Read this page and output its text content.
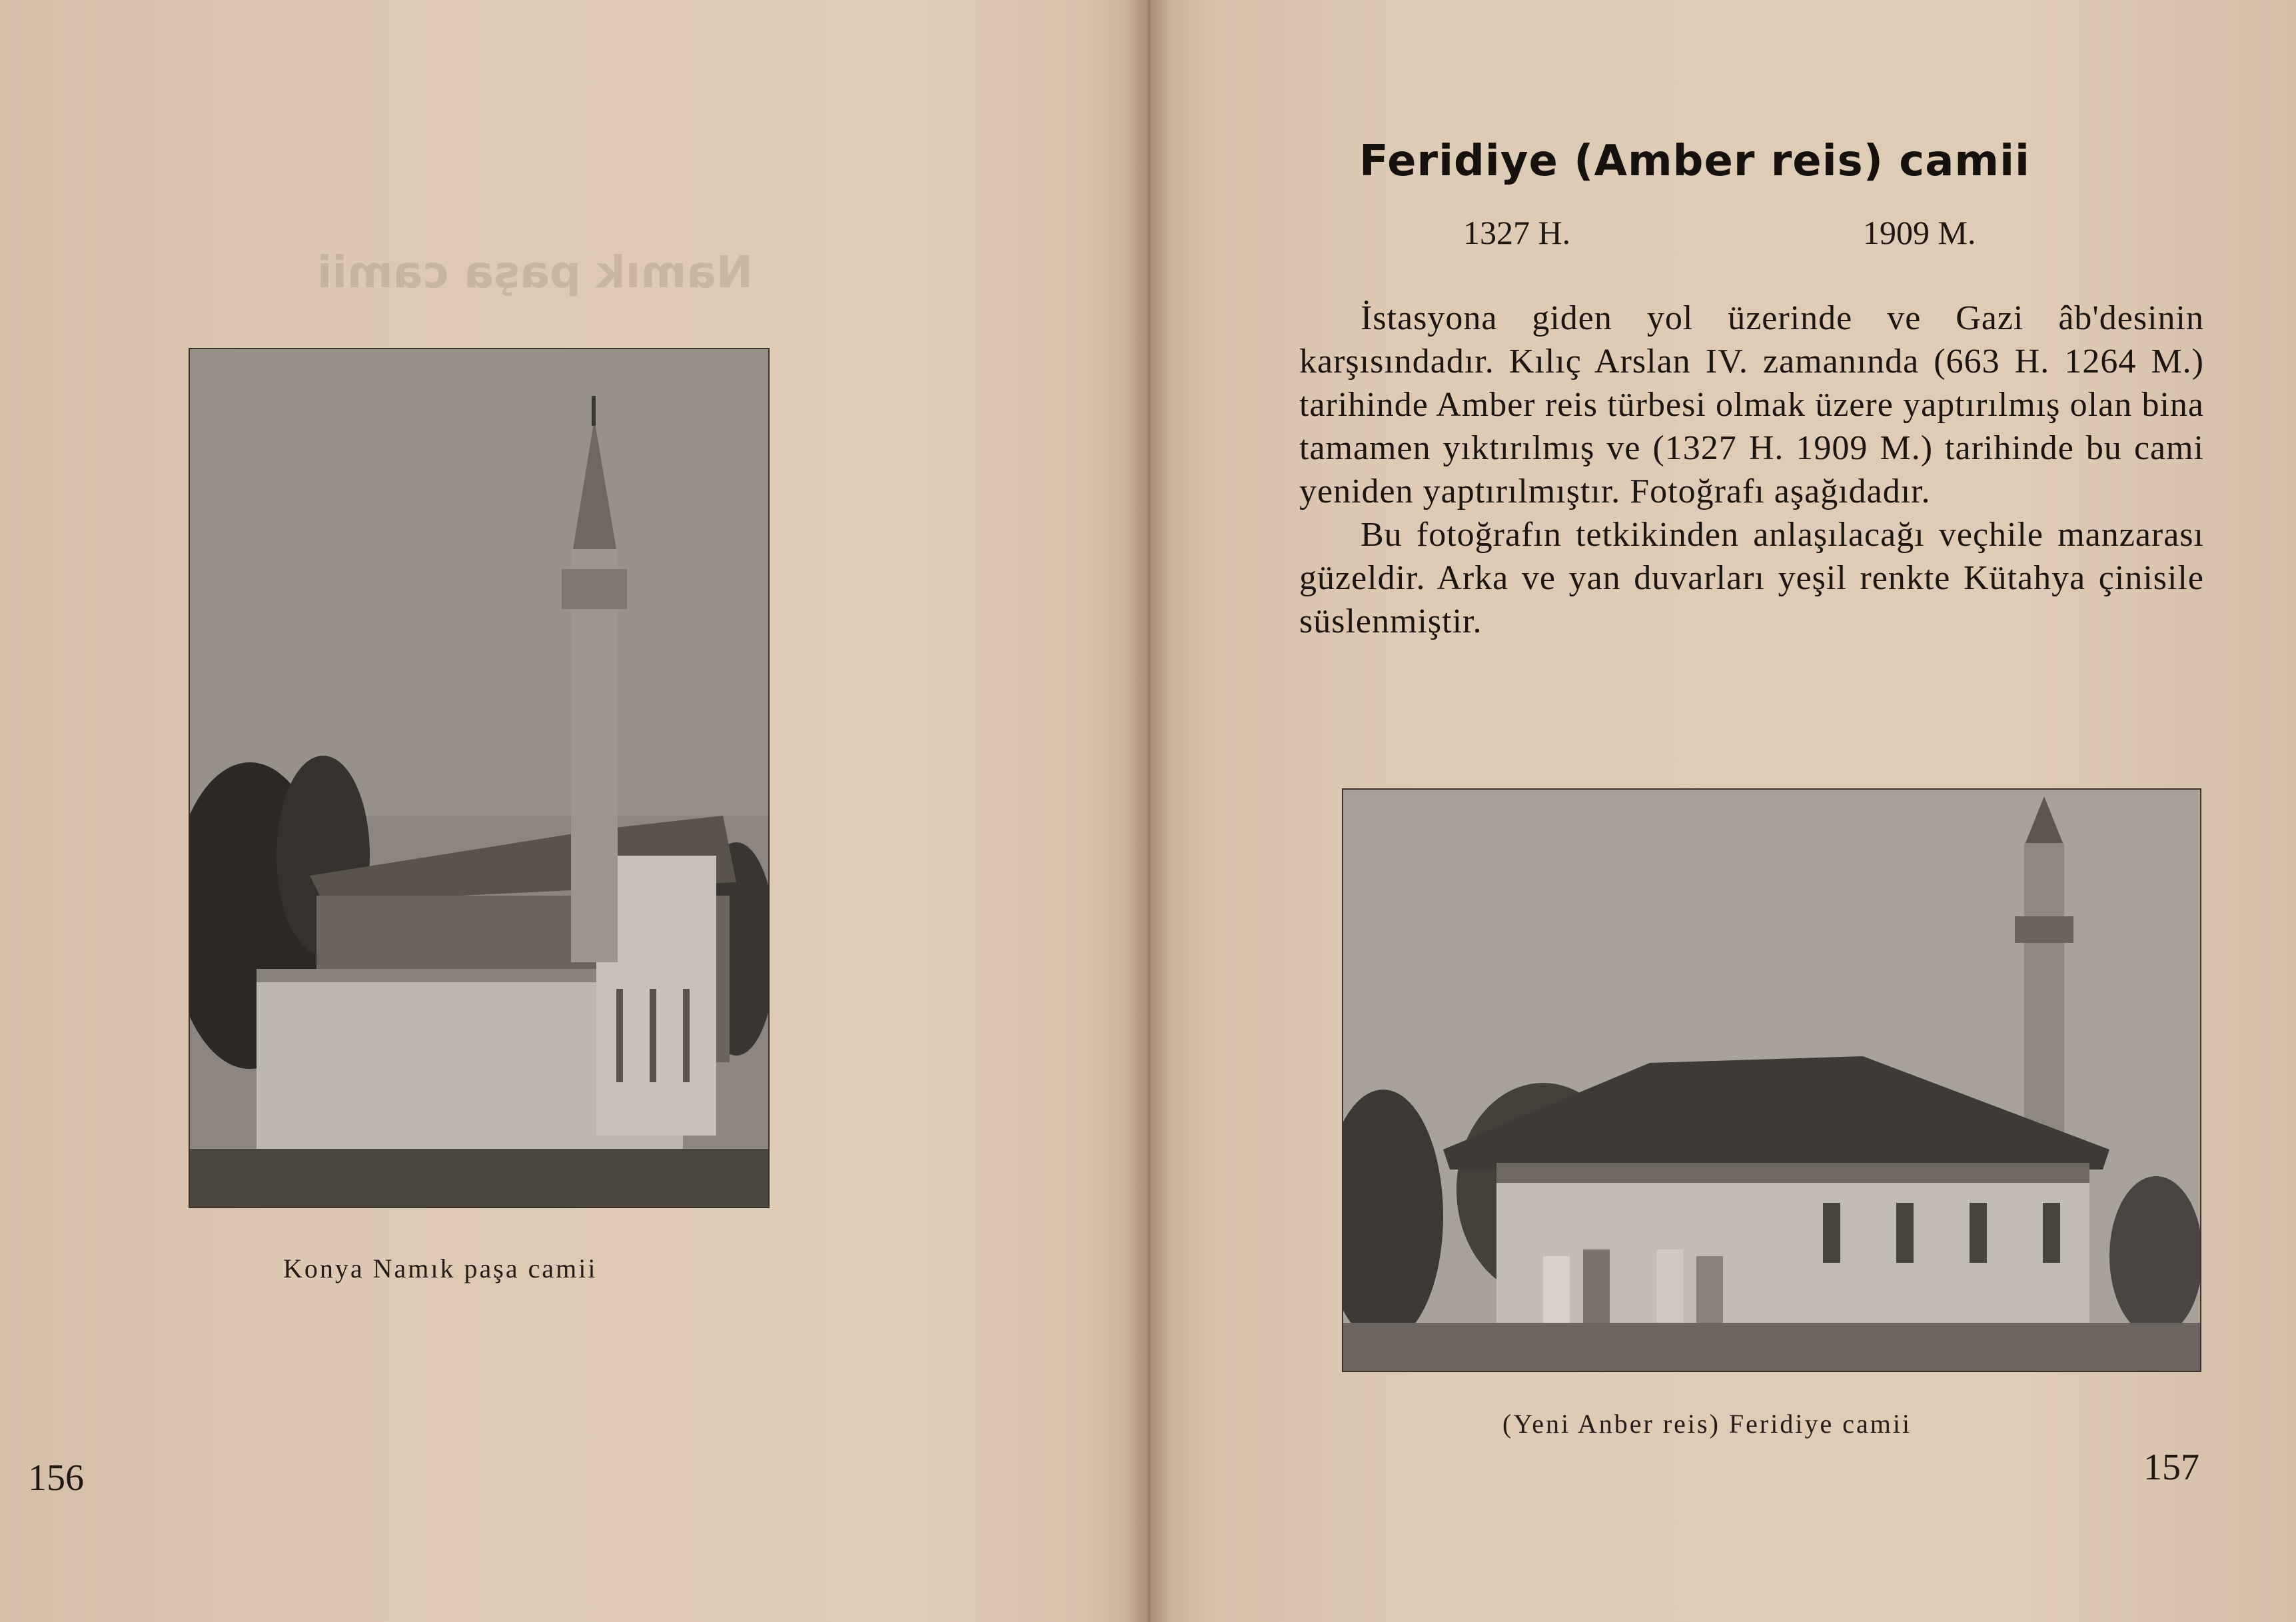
Namık paşa camii
Konya Namık paşa camii
156
Feridiye (Amber reis) camii
1327 H.	1909 M.

İstasyona giden yol üzerinde ve Gazi âb'desinin karşısındadır. Kılıç Arslan IV. zamanında (663 H. 1264 M.) tarihinde Amber reis türbesi olmak üzere yaptırılmış olan bina tamamen yıktırılmış ve (1327 H. 1909 M.) tarihinde bu cami yeniden yaptırılmıştır. Fotoğrafı aşağıdadır.

Bu fotoğrafın tetkikinden anlaşılacağı veçhile manzarası güzeldir. Arka ve yan duvarları yeşil renkte Kütahya çinisile süslenmiştir.

(Yeni Anber reis) Feridiye camii
157
